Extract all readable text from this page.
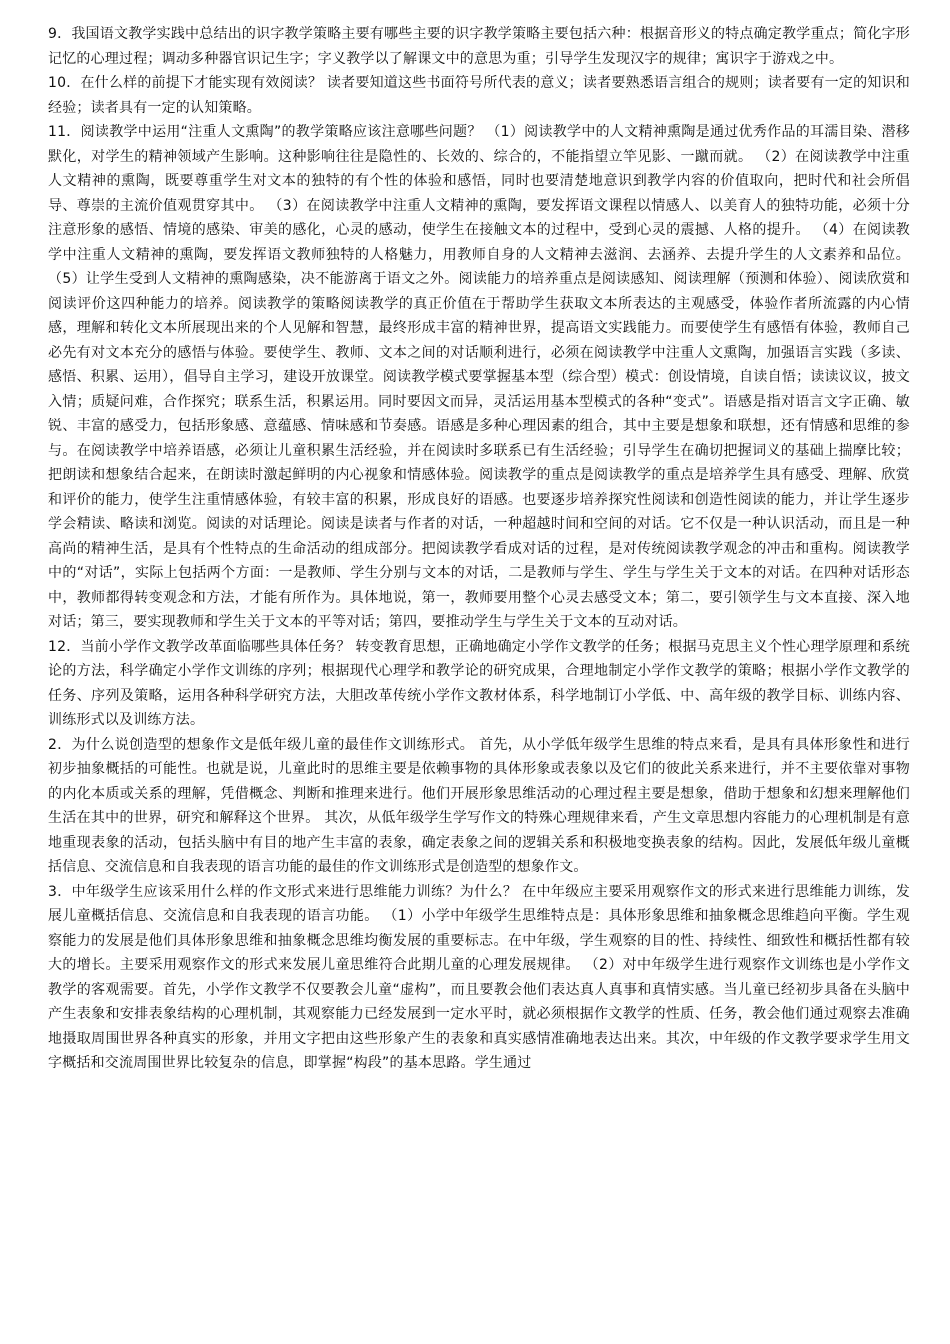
9．我国语文教学实践中总结出的识字教学策略主要有哪些主要的识字教学策略主要包括六种：根据音形义的特点确定教学重点；简化字形记忆的心理过程；调动多种器官识记生字；字义教学以了解课文中的意思为重；引导学生发现汉字的规律；寓识字于游戏之中。

10．在什么样的前提下才能实现有效阅读？ 读者要知道这些书面符号所代表的意义；读者要熟悉语言组合的规则；读者要有一定的知识和经验；读者具有一定的认知策略。

11．阅读教学中运用“注重人文熏陶”的教学策略应该注意哪些问题？ （1）阅读教学中的人文精神熏陶是通过优秀作品的耳濡目染、潜移默化，对学生的精神领域产生影响。这种影响往往是隐性的、长效的、综合的，不能指望立竿见影、一蹴而就。 （2）在阅读教学中注重人文精神的熏陶，既要尊重学生对文本的独特的有个性的体验和感悟，同时也要清楚地意识到教学内容的价值取向，把时代和社会所倡导、尊崇的主流价值观贯穿其中。 （3）在阅读教学中注重人文精神的熏陶，要发挥语文课程以情感人、以美育人的独特功能，必须十分注意形象的感悟、情境的感染、审美的感化，心灵的感动，使学生在接触文本的过程中，受到心灵的震撼、人格的提升。 （4）在阅读教学中注重人文精神的熏陶，要发挥语文教师独特的人格魅力，用教师自身的人文精神去滋润、去涵养、去提升学生的人文素养和品位。 （5）让学生受到人文精神的熏陶感染，决不能游离于语文之外。阅读能力的培养重点是阅读感知、阅读理解（预测和体验）、阅读欣赏和阅读评价这四种能力的培养。阅读教学的策略阅读教学的真正价值在于帮助学生获取文本所表达的主观感受，体验作者所流露的内心情感，理解和转化文本所展现出来的个人见解和智慧，最终形成丰富的精神世界，提高语文实践能力。而要使学生有感悟有体验，教师自己必先有对文本充分的感悟与体验。要使学生、教师、文本之间的对话顺利进行，必须在阅读教学中注重人文熏陶，加强语言实践（多读、感悟、积累、运用），倡导自主学习，建设开放课堂。阅读教学模式要掌握基本型（综合型）模式：创设情境，自读自悟；读读议议，披文入情；质疑问难，合作探究；联系生活，积累运用。同时要因文而异，灵活运用基本型模式的各种“变式”。语感是指对语言文字正确、敏锐、丰富的感受力，包括形象感、意蕴感、情味感和节奏感。语感是多种心理因素的组合，其中主要是想象和联想，还有情感和思维的参与。在阅读教学中培养语感，必须让儿童积累生活经验，并在阅读时多联系已有生活经验；引导学生在确切把握词义的基础上揣摩比较；把朗读和想象结合起来，在朗读时激起鲜明的内心视象和情感体验。阅读教学的重点是阅读教学的重点是培养学生具有感受、理解、欣赏和评价的能力，使学生注重情感体验，有较丰富的积累，形成良好的语感。也要逐步培养探究性阅读和创造性阅读的能力，并让学生逐步学会精读、略读和浏览。阅读的对话理论。阅读是读者与作者的对话，一种超越时间和空间的对话。它不仅是一种认识活动，而且是一种高尚的精神生活，是具有个性特点的生命活动的组成部分。把阅读教学看成对话的过程，是对传统阅读教学观念的冲击和重构。阅读教学中的“对话”，实际上包括两个方面：一是教师、学生分别与文本的对话，二是教师与学生、学生与学生关于文本的对话。在四种对话形态中，教师都得转变观念和方法，才能有所作为。具体地说，第一，教师要用整个心灵去感受文本；第二，要引领学生与文本直接、深入地对话；第三，要实现教师和学生关于文本的平等对话；第四，要推动学生与学生关于文本的互动对话。

12．当前小学作文教学改革面临哪些具体任务？ 转变教育思想，正确地确定小学作文教学的任务；根据马克思主义个性心理学原理和系统论的方法，科学确定小学作文训练的序列；根据现代心理学和教学论的研究成果，合理地制定小学作文教学的策略；根据小学作文教学的任务、序列及策略，运用各种科学研究方法，大胆改革传统小学作文教材体系，科学地制订小学低、中、高年级的教学目标、训练内容、训练形式以及训练方法。

2．为什么说创造型的想象作文是低年级儿童的最佳作文训练形式。 首先，从小学低年级学生思维的特点来看，是具有具体形象性和进行初步抽象概括的可能性。也就是说，儿童此时的思维主要是依赖事物的具体形象或表象以及它们的彼此关系来进行，并不主要依靠对事物的内化本质或关系的理解，凭借概念、判断和推理来进行。他们开展形象思维活动的心理过程主要是想象，借助于想象和幻想来理解他们生活在其中的世界，研究和解释这个世界。 其次，从低年级学生学写作文的特殊心理规律来看，产生文章思想内容能力的心理机制是有意地重现表象的活动，包括头脑中有目的地产生丰富的表象，确定表象之间的逻辑关系和积极地变换表象的结构。因此，发展低年级儿童概括信息、交流信息和自我表现的语言功能的最佳的作文训练形式是创造型的想象作文。

3．中年级学生应该采用什么样的作文形式来进行思维能力训练？为什么？ 在中年级应主要采用观察作文的形式来进行思维能力训练，发展儿童概括信息、交流信息和自我表现的语言功能。 （1）小学中年级学生思维特点是：具体形象思维和抽象概念思维趋向平衡。学生观察能力的发展是他们具体形象思维和抽象概念思维均衡发展的重要标志。在中年级，学生观察的目的性、持续性、细致性和概括性都有较大的增长。主要采用观察作文的形式来发展儿童思维符合此期儿童的心理发展规律。 （2）对中年级学生进行观察作文训练也是小学作文教学的客观需要。首先，小学作文教学不仅要教会儿童“虚构”，而且要教会他们表达真人真事和真情实感。当儿童已经初步具备在头脑中产生表象和安排表象结构的心理机制，其观察能力已经发展到一定水平时，就必须根据作文教学的性质、任务，教会他们通过观察去准确地摄取周围世界各种真实的形象，并用文字把由这些形象产生的表象和真实感情准确地表达出来。其次，中年级的作文教学要求学生用文字概括和交流周围世界比较复杂的信息，即掌握“构段”的基本思路。学生通过
